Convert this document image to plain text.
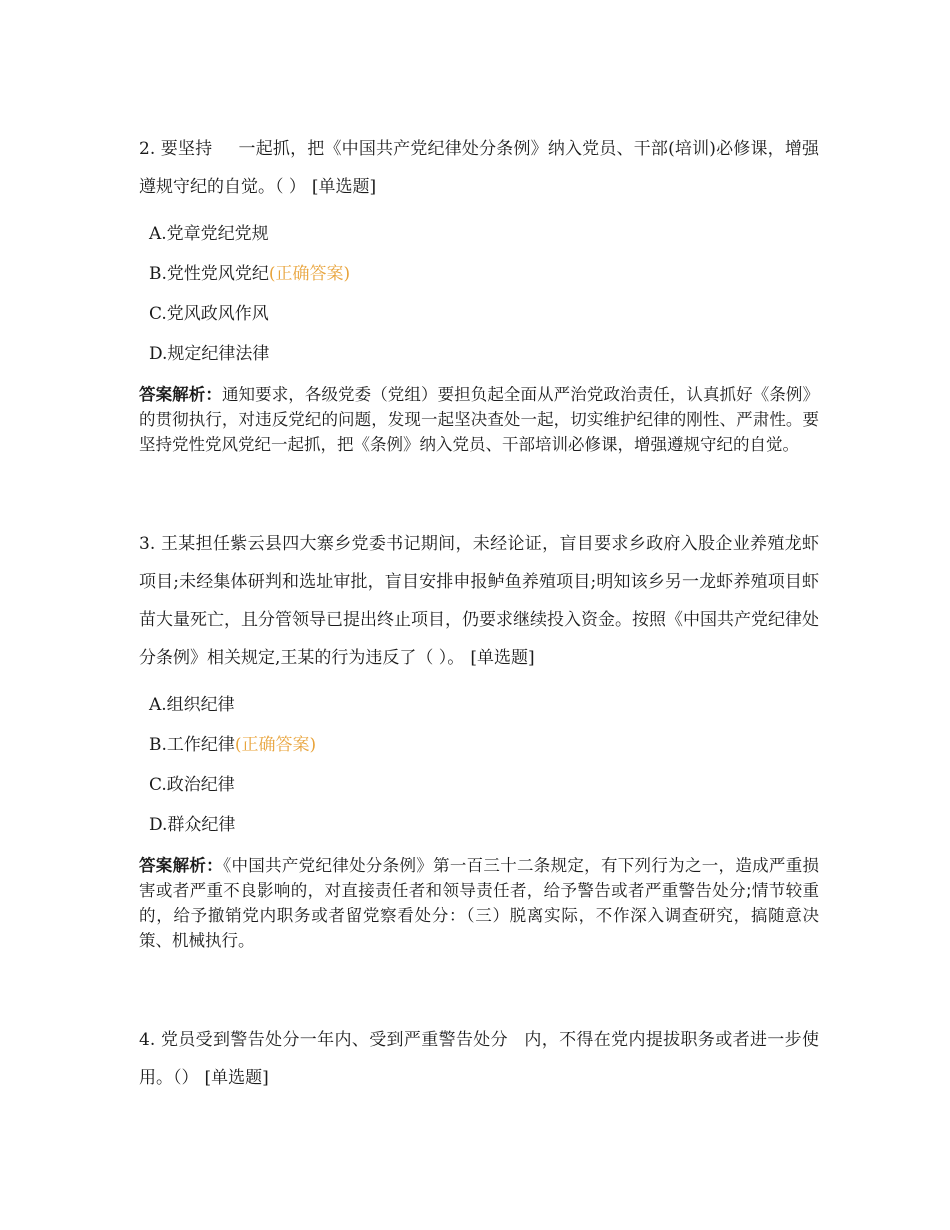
2. 要坚持 一起抓，把《中国共产党纪律处分条例》纳入党员、干部(培训)必修课，增强遵规守纪的自觉。（ ） [单选题]

A.党章党纪党规
B.党性党风党纪(正确答案)
C.党风政风作风
D.规定纪律法律

答案解析：通知要求，各级党委（党组）要担负起全面从严治党政治责任，认真抓好《条例》的贯彻执行，对违反党纪的问题，发现一起坚决查处一起，切实维护纪律的刚性、严肃性。要坚持党性党风党纪一起抓，把《条例》纳入党员、干部培训必修课，增强遵规守纪的自觉。

3. 王某担任紫云县四大寨乡党委书记期间，未经论证，盲目要求乡政府入股企业养殖龙虾项目;未经集体研判和选址审批，盲目安排申报鲈鱼养殖项目;明知该乡另一龙虾养殖项目虾苗大量死亡，且分管领导已提出终止项目，仍要求继续投入资金。按照《中国共产党纪律处分条例》相关规定,王某的行为违反了（ ）。 [单选题]

A.组织纪律
B.工作纪律(正确答案)
C.政治纪律
D.群众纪律

答案解析：《中国共产党纪律处分条例》第一百三十二条规定，有下列行为之一，造成严重损害或者严重不良影响的，对直接责任者和领导责任者，给予警告或者严重警告处分;情节较重的，给予撤销党内职务或者留党察看处分：（三）脱离实际，不作深入调查研究，搞随意决策、机械执行。

4. 党员受到警告处分一年内、受到严重警告处分 内，不得在党内提拔职务或者进一步使用。（） [单选题]
